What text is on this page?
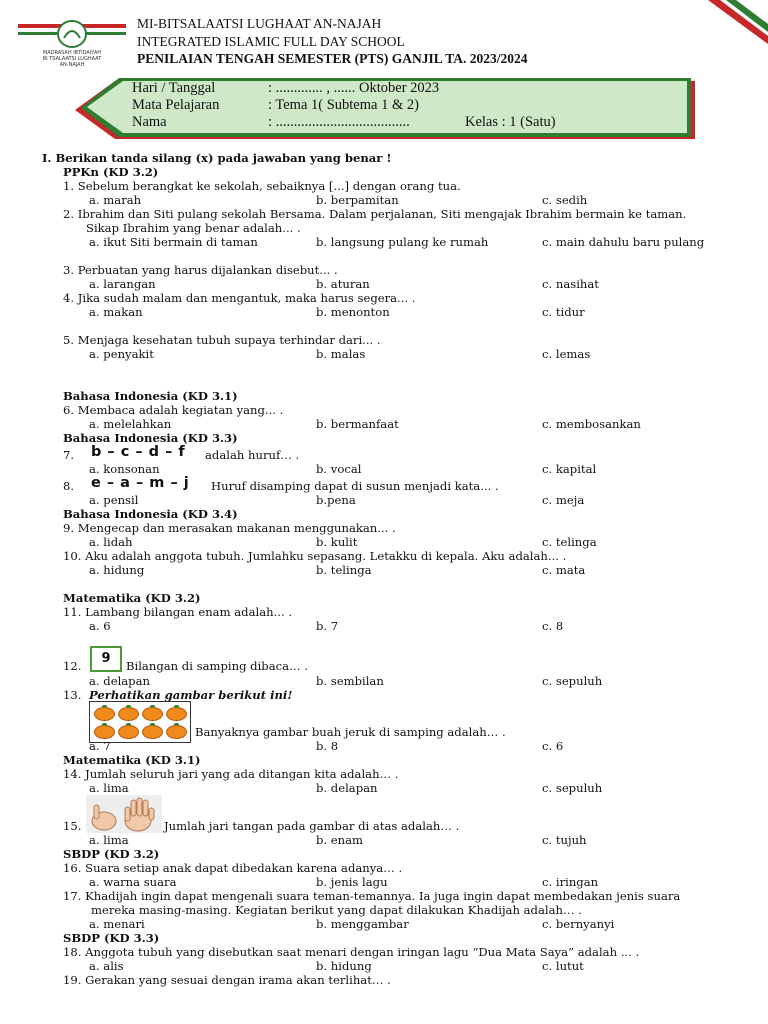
MADRASAH IBTIDAIYAH
BI TSALAATSI LUGHAAT
AN-NAJAH
MI-BITSALAATSI LUGHAAT AN-NAJAH
INTEGRATED ISLAMIC FULL DAY SCHOOL
PENILAIAN TENGAH SEMESTER (PTS) GANJIL TA. 2023/2024
Hari / Tanggal	: ............. , ...... Oktober 2023
Mata Pelajaran	: Tema 1( Subtema 1 & 2)
Nama	: .....................................	Kelas : 1 (Satu)
I. Berikan tanda silang (x) pada jawaban yang benar !
PPKn (KD 3.2)
1. Sebelum berangkat ke sekolah, sebaiknya [...] dengan orang tua.
a. marah	b. berpamitan	c. sedih
2. Ibrahim dan Siti pulang sekolah Bersama. Dalam perjalanan, Siti mengajak Ibrahim bermain ke taman.
Sikap Ibrahim yang benar adalah... .
a. ikut Siti bermain di taman	b. langsung pulang ke rumah	c. main dahulu baru pulang
3. Perbuatan yang harus dijalankan disebut... .
a. larangan	b. aturan	c. nasihat
4. Jika sudah malam dan mengantuk, maka harus segera... .
a. makan	b. menonton	c. tidur
5. Menjaga kesehatan tubuh supaya terhindar dari... .
a. penyakit	b. malas	c. lemas
Bahasa Indonesia (KD 3.1)
6. Membaca adalah kegiatan yang... .
a. melelahkan	b. bermanfaat	c. membosankan
Bahasa Indonesia (KD 3.3)
7. b – c – d – f adalah huruf… .
a. konsonan	b. vocal	c. kapital
8. e – a – m – j Huruf disamping dapat di susun menjadi kata... .
a. pensil	b.pena	c. meja
Bahasa Indonesia (KD 3.4)
9. Mengecap dan merasakan makanan menggunakan... .
a. lidah	b. kulit	c. telinga
10. Aku adalah anggota tubuh. Jumlahku sepasang. Letakku di kepala. Aku adalah... .
a. hidung	b. telinga	c. mata
Matematika (KD 3.2)
11. Lambang bilangan enam adalah... .
a. 6	b. 7	c. 8
12.	9	Bilangan di samping dibaca… .
a. delapan	b. sembilan	c. sepuluh
13. Perhatikan gambar berikut ini!
Banyaknya gambar buah jeruk di samping adalah… .
a. 7	b. 8	c. 6
Matematika (KD 3.1)
14. Jumlah seluruh jari yang ada ditangan kita adalah… .
a. lima	b. delapan	c. sepuluh
15.	Jumlah jari tangan pada gambar di atas adalah… .
a. lima	b. enam	c. tujuh
SBDP (KD 3.2)
16. Suara setiap anak dapat dibedakan karena adanya… .
a. warna suara	b. jenis lagu	c. iringan
17. Khadijah ingin dapat mengenali suara teman-temannya. Ia juga ingin dapat membedakan jenis suara
mereka masing-masing. Kegiatan berikut yang dapat dilakukan Khadijah adalah… .
a. menari	b. menggambar	c. bernyanyi
SBDP (KD 3.3)
18. Anggota tubuh yang disebutkan saat menari dengan iringan lagu “Dua Mata Saya” adalah ... .
a. alis	b. hidung	c. lutut
19. Gerakan yang sesuai dengan irama akan terlihat… .
